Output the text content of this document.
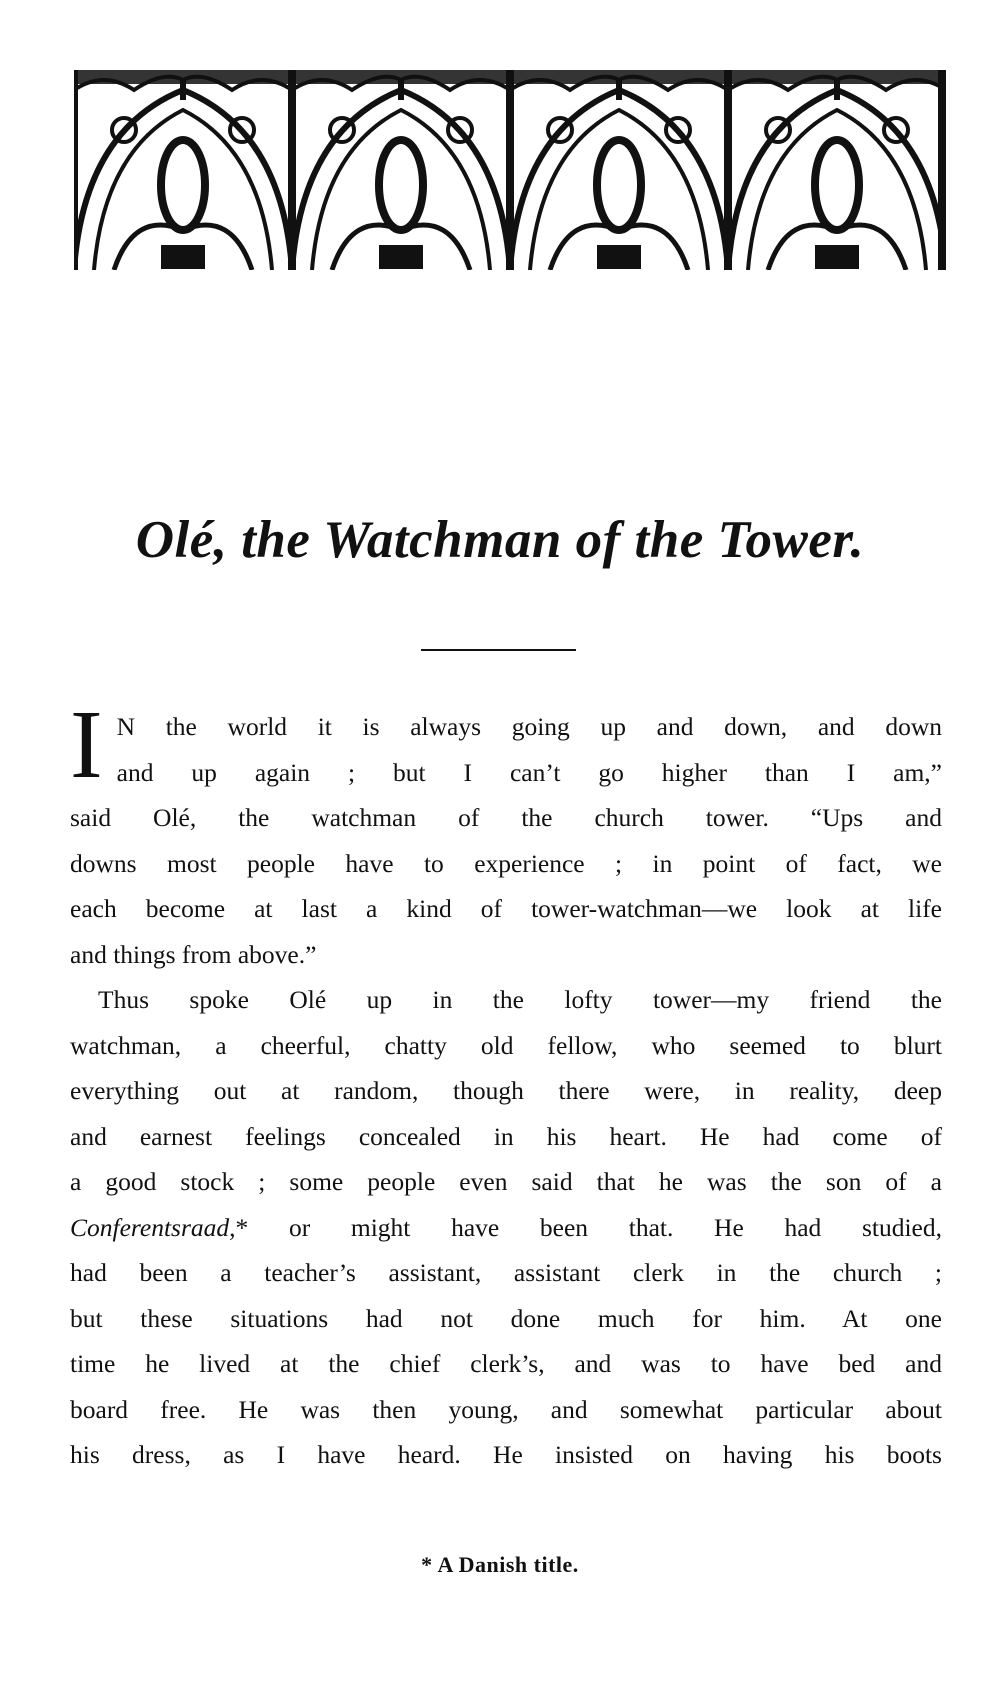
Olé, the Watchman of the Tower.
I N the world it is always going up and down, and down
and up again ; but I can’t go higher than I am,”
said Olé, the watchman of the church tower. “Ups and
downs most people have to experience ; in point of fact, we
each become at last a kind of tower-watchman—we look at life
and things from above.”
Thus spoke Olé up in the lofty tower—my friend the
watchman, a cheerful, chatty old fellow, who seemed to blurt
everything out at random, though there were, in reality, deep
and earnest feelings concealed in his heart. He had come of
a good stock ; some people even said that he was the son of a
Conferentsraad,* or might have been that. He had studied,
had been a teacher’s assistant, assistant clerk in the church ;
but these situations had not done much for him. At one
time he lived at the chief clerk’s, and was to have bed and
board free. He was then young, and somewhat particular about
his dress, as I have heard. He insisted on having his boots
* A Danish title.
